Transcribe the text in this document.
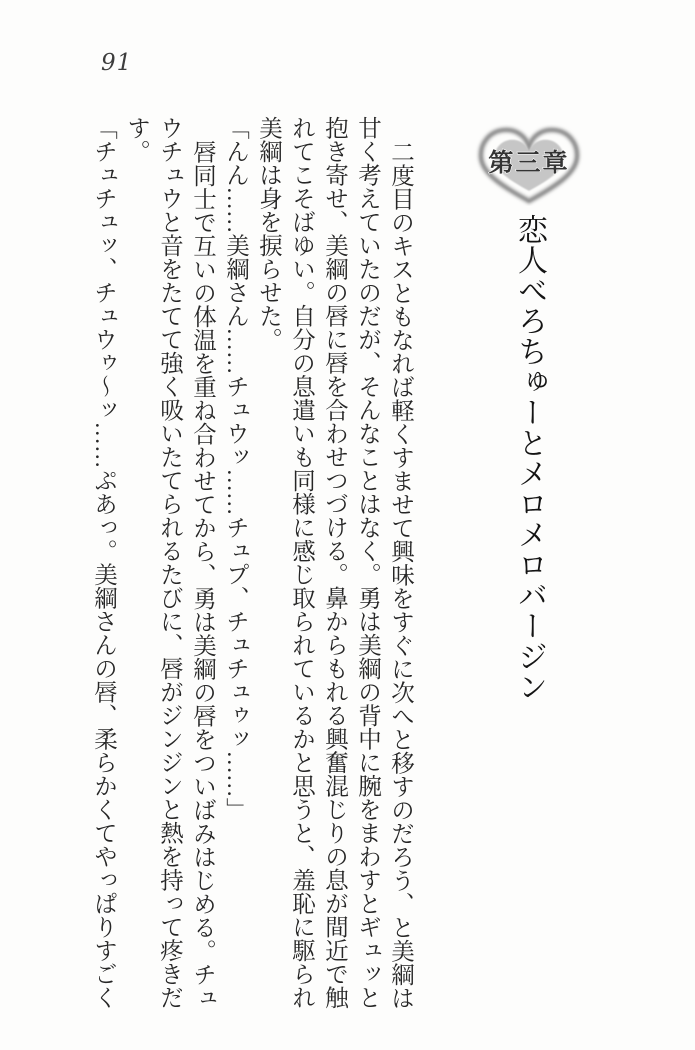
91
第三章
恋人べろちゅーとメロメロバージン

二度目のキスともなれば軽くすませて興味をすぐに次へと移すのだろう、と美綱は甘く考えていたのだが、そんなことはなく。勇は美綱の背中に腕をまわすとギュッと抱き寄せ、美綱の唇に唇を合わせつづける。鼻からもれる興奮混じりの息が間近で触れてこそばゆい。自分の息遣いも同様に感じ取られているかと思うと、羞恥に駆られ美綱は身を捩らせた。

「んん……美綱さん……チュウッ……チュプ、チュチュゥッ……」

唇同士で互いの体温を重ね合わせてから、勇は美綱の唇をついばみはじめる。チュウチュウと音をたてて強く吸いたてられるたびに、唇がジンジンと熱を持って疼きだす。

「チュチュッ、チュウゥ〜ッ……ぷあっ。美綱さんの唇、柔らかくてやっぱりすごく
